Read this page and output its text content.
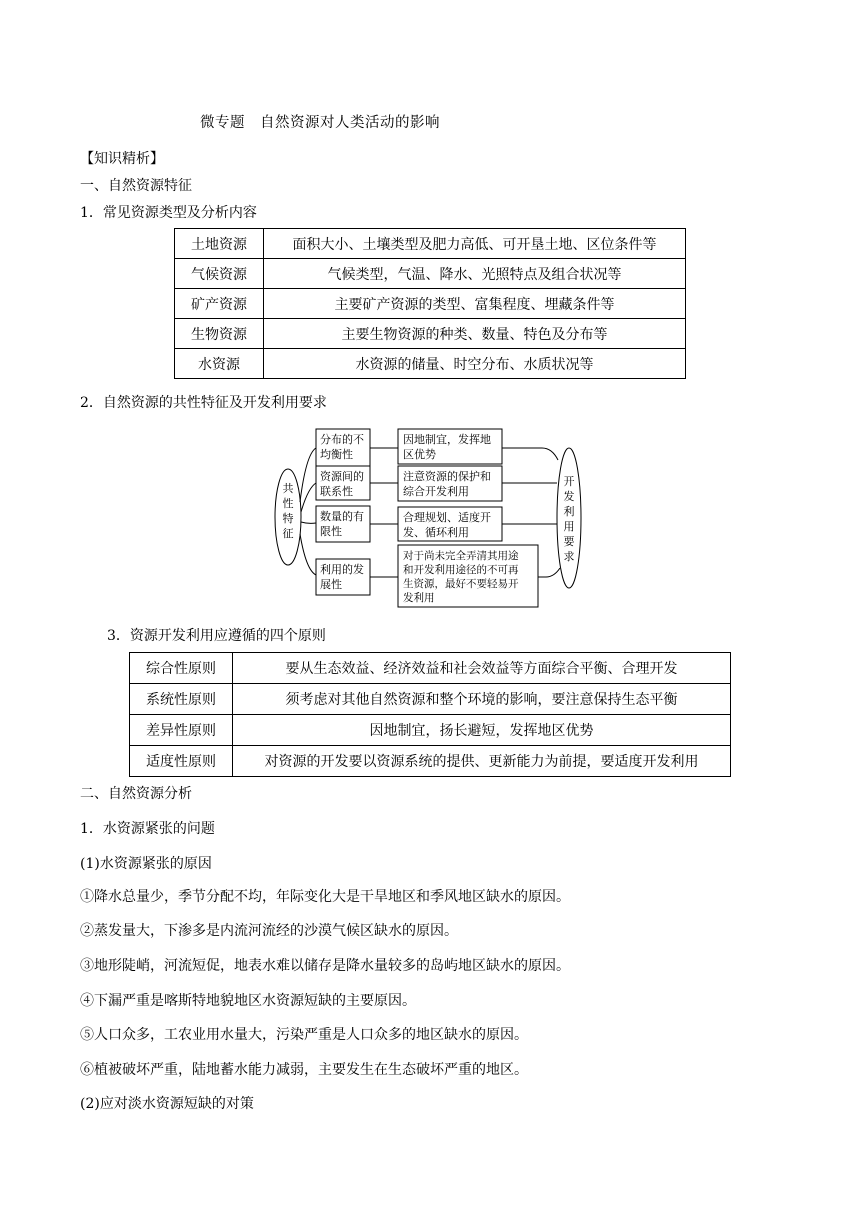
微专题　自然资源对人类活动的影响
【知识精析】
一、自然资源特征
1．常见资源类型及分析内容
土地资源	面积大小、土壤类型及肥力高低、可开垦土地、区位条件等
气候资源	气候类型，气温、降水、光照特点及组合状况等
矿产资源	主要矿产资源的类型、富集程度、埋藏条件等
生物资源	主要生物资源的种类、数量、特色及分布等
水资源	水资源的储量、时空分布、水质状况等
2．自然资源的共性特征及开发利用要求
共
性
特
征
分布的不
均衡性
资源间的
联系性
数量的有
限性
利用的发
展性
因地制宜，发挥地
区优势
注意资源的保护和
综合开发利用
合理规划、适度开
发、循环利用
对于尚未完全弄清其用途
和开发利用途径的不可再
生资源，最好不要轻易开
发利用
开
发
利
用
要
求
3．资源开发利用应遵循的四个原则
综合性原则	要从生态效益、经济效益和社会效益等方面综合平衡、合理开发
系统性原则	须考虑对其他自然资源和整个环境的影响，要注意保持生态平衡
差异性原则	因地制宜，扬长避短，发挥地区优势
适度性原则	对资源的开发要以资源系统的提供、更新能力为前提，要适度开发利用
二、自然资源分析
1．水资源紧张的问题
(1)水资源紧张的原因
①降水总量少，季节分配不均，年际变化大是干旱地区和季风地区缺水的原因。
②蒸发量大，下渗多是内流河流经的沙漠气候区缺水的原因。
③地形陡峭，河流短促，地表水难以储存是降水量较多的岛屿地区缺水的原因。
④下漏严重是喀斯特地貌地区水资源短缺的主要原因。
⑤人口众多，工农业用水量大，污染严重是人口众多的地区缺水的原因。
⑥植被破坏严重，陆地蓄水能力减弱，主要发生在生态破坏严重的地区。
(2)应对淡水资源短缺的对策
